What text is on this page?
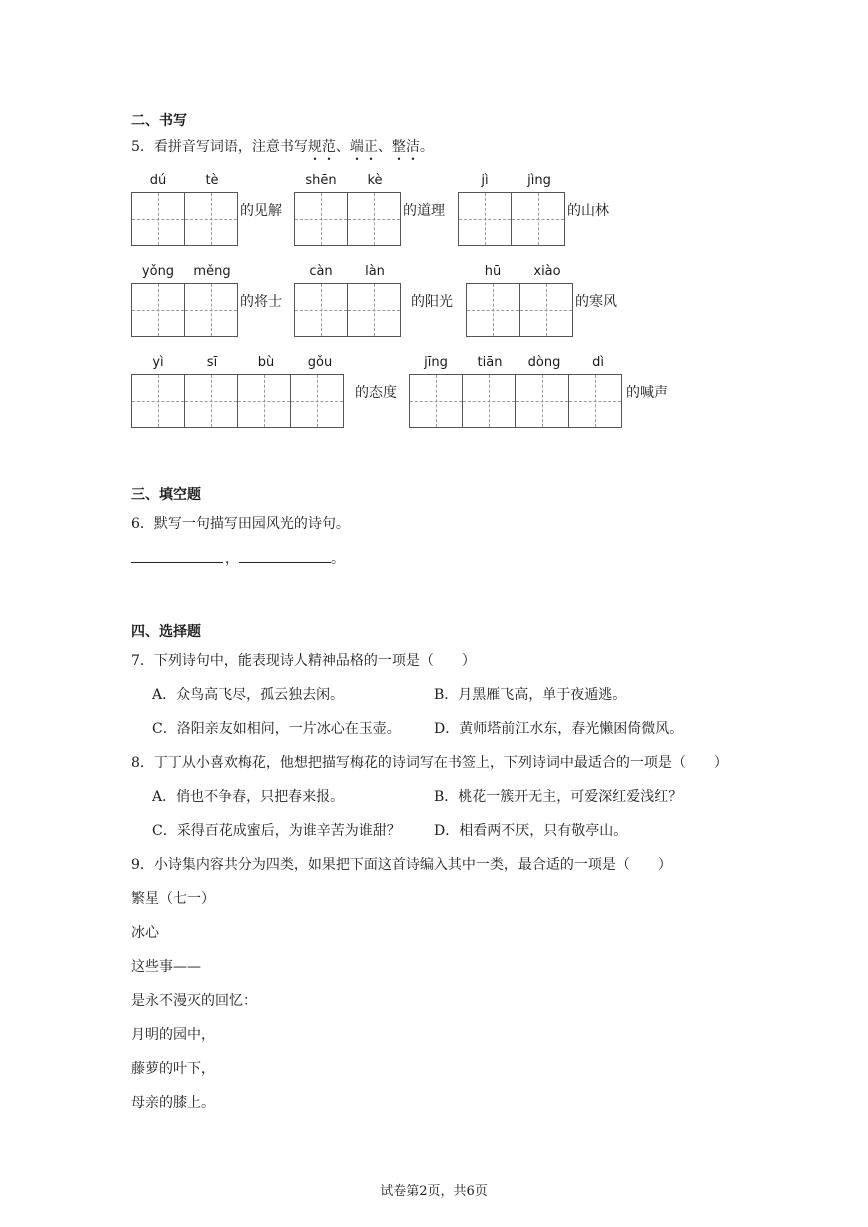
二、书写
5．看拼音写词语，注意书写规范、端正、整洁。
dú	tè
的见解
shēn	kè
的道理
jì	jìng
的山林
yǒng	měng
的将士
càn	làn
的阳光
hū	xiào
的寒风
yì	sī	bù	gǒu
的态度
jīng	tiān	dòng	dì
的喊声
三、填空题
6．默写一句描写田园风光的诗句。
，	。
四、选择题
7．下列诗句中，能表现诗人精神品格的一项是（　　）
A．众鸟高飞尽，孤云独去闲。	B．月黑雁飞高，单于夜遁逃。
C．洛阳亲友如相问，一片冰心在玉壶。 D．黄师塔前江水东，春光懒困倚微风。
8．丁丁从小喜欢梅花，他想把描写梅花的诗词写在书签上，下列诗词中最适合的一项是（　　）
A．俏也不争春，只把春来报。	B．桃花一簇开无主，可爱深红爱浅红？
C．采得百花成蜜后，为谁辛苦为谁甜？ D．相看两不厌，只有敬亭山。
9．小诗集内容共分为四类，如果把下面这首诗编入其中一类，最合适的一项是（　　）
繁星（七一）
冰心
这些事——
是永不漫灭的回忆：
月明的园中，
藤萝的叶下，
母亲的膝上。
试卷第2页，共6页
